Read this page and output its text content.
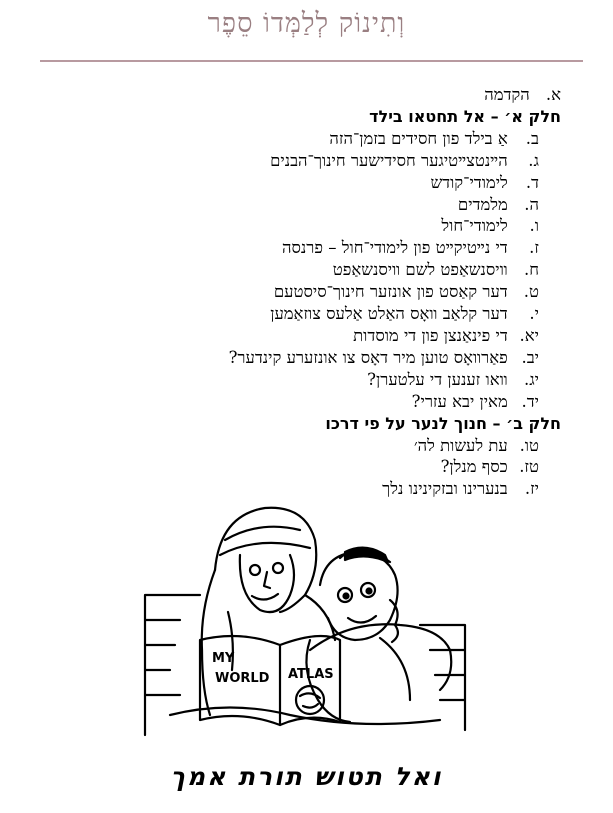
וְתִינוֹק לְלַמְּדוֹ סֵפֶר
א. הקדמה
חלק א׳ – אל תחטאו בילד
ב. אַ בילד פון חסידים בזמן־הזה
ג. הײנטצײטיגער חסידישער חינוך־הבנים
ד. לימודי־קודש
ה. מלמדים
ו. לימודי־חול
ז. די נײטיקײט פון לימודי־חול – פרנסה
ח. װיסנשאַפט לשם װיסנשאַפט
ט. דער קאַסט פון אונזער חינוך־סיסטעם
י. דער קלאַב װאָס האַלט אַלעס צוזאַמען
יא. די פינאַנצן פון די מוסדות
יב. פאַרװאָס טוען מיר דאָס צו אונזערע קינדער?
יג. װאו זענען די עלטערן?
יד. מאין יבא עזרי?
חלק ב׳ – חנוך לנער על פי דרכו
טו. עת לעשות לה׳
טז. כסף מנלן?
יז. בנערינו ובזקינינו נלך
MY
WORLD ATLAS
ואל תטוש תורת אמך
